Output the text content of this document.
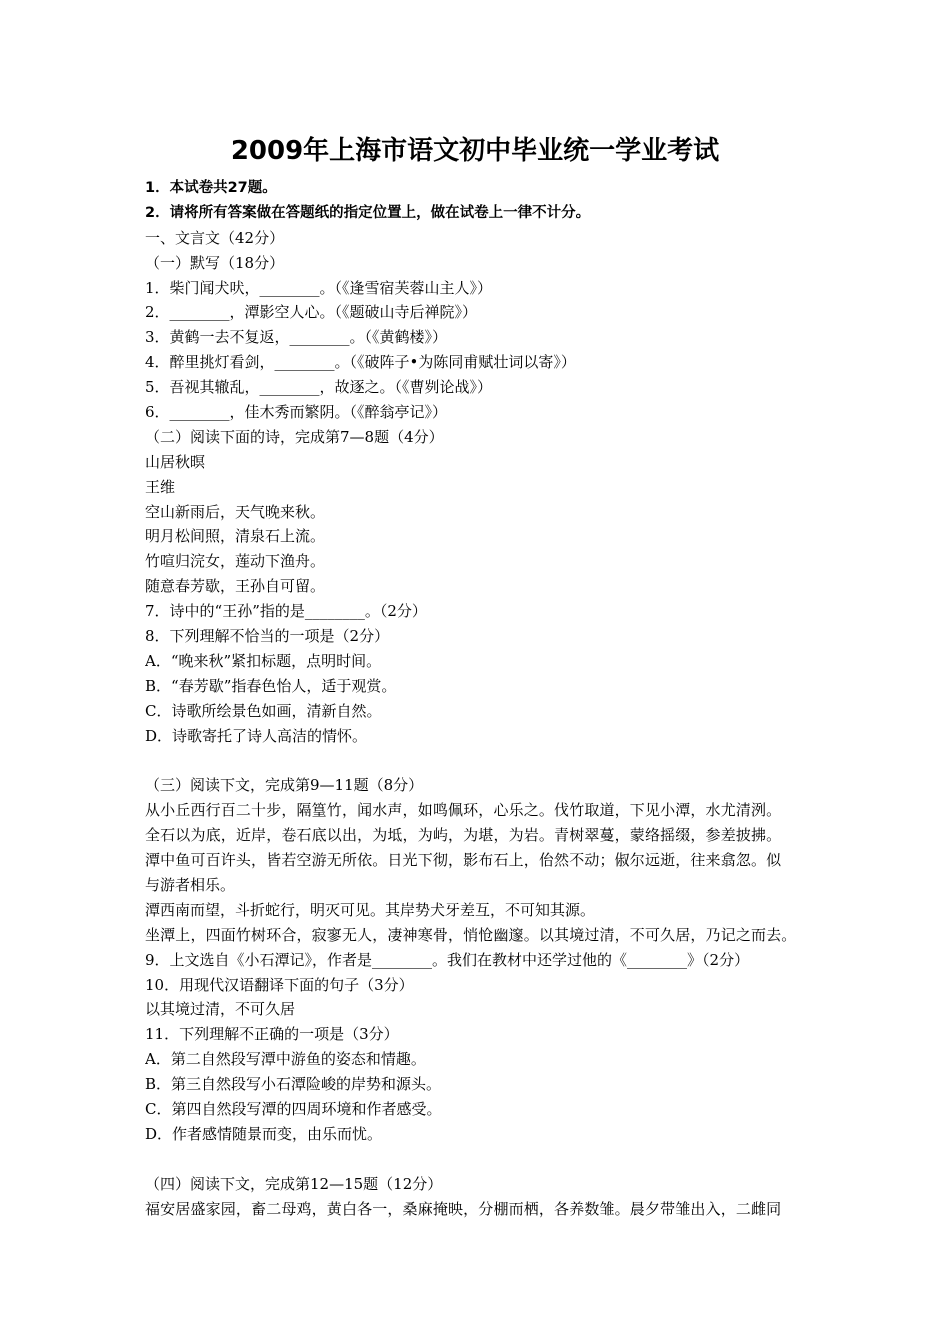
2009年上海市语文初中毕业统一学业考试
1．本试卷共27题。
2．请将所有答案做在答题纸的指定位置上，做在试卷上一律不计分。
一、文言文（42分）
（一）默写（18分）
1．柴门闻犬吠，________。（《逢雪宿芙蓉山主人》）
2．________，潭影空人心。（《题破山寺后禅院》）
3．黄鹤一去不复返，________。（《黄鹤楼》）
4．醉里挑灯看剑，________。（《破阵子•为陈同甫赋壮词以寄》）
5．吾视其辙乱，________，故逐之。（《曹刿论战》）
6．________，佳木秀而繁阴。（《醉翁亭记》）
（二）阅读下面的诗，完成第7—8题（4分）
山居秋暝
王维
空山新雨后，天气晚来秋。
明月松间照，清泉石上流。
竹喧归浣女，莲动下渔舟。
随意春芳歇，王孙自可留。
7．诗中的“王孙”指的是________。（2分）
8．下列理解不恰当的一项是（2分）
A．“晚来秋”紧扣标题，点明时间。
B．“春芳歇”指春色怡人，适于观赏。
C．诗歌所绘景色如画，清新自然。
D．诗歌寄托了诗人高洁的情怀。
（三）阅读下文，完成第9—11题（8分）
从小丘西行百二十步，隔篁竹，闻水声，如鸣佩环，心乐之。伐竹取道，下见小潭，水尤清洌。
全石以为底，近岸，卷石底以出，为坻，为屿，为堪，为岩。青树翠蔓，蒙络摇缀，参差披拂。
潭中鱼可百许头，皆若空游无所依。日光下彻，影布石上，佁然不动；俶尔远逝，往来翕忽。似
与游者相乐。
潭西南而望，斗折蛇行，明灭可见。其岸势犬牙差互，不可知其源。
坐潭上，四面竹树环合，寂寥无人，凄神寒骨，悄怆幽邃。以其境过清，不可久居，乃记之而去。
9．上文选自《小石潭记》，作者是________。我们在教材中还学过他的《________》（2分）
10．用现代汉语翻译下面的句子（3分）
以其境过清，不可久居
11．下列理解不正确的一项是（3分）
A．第二自然段写潭中游鱼的姿态和情趣。
B．第三自然段写小石潭险峻的岸势和源头。
C．第四自然段写潭的四周环境和作者感受。
D．作者感情随景而变，由乐而忧。
（四）阅读下文，完成第12—15题（12分）
福安居盛家园，畜二母鸡，黄白各一，桑麻掩映，分棚而栖，各养数雏。晨夕带雏出入，二雌同
